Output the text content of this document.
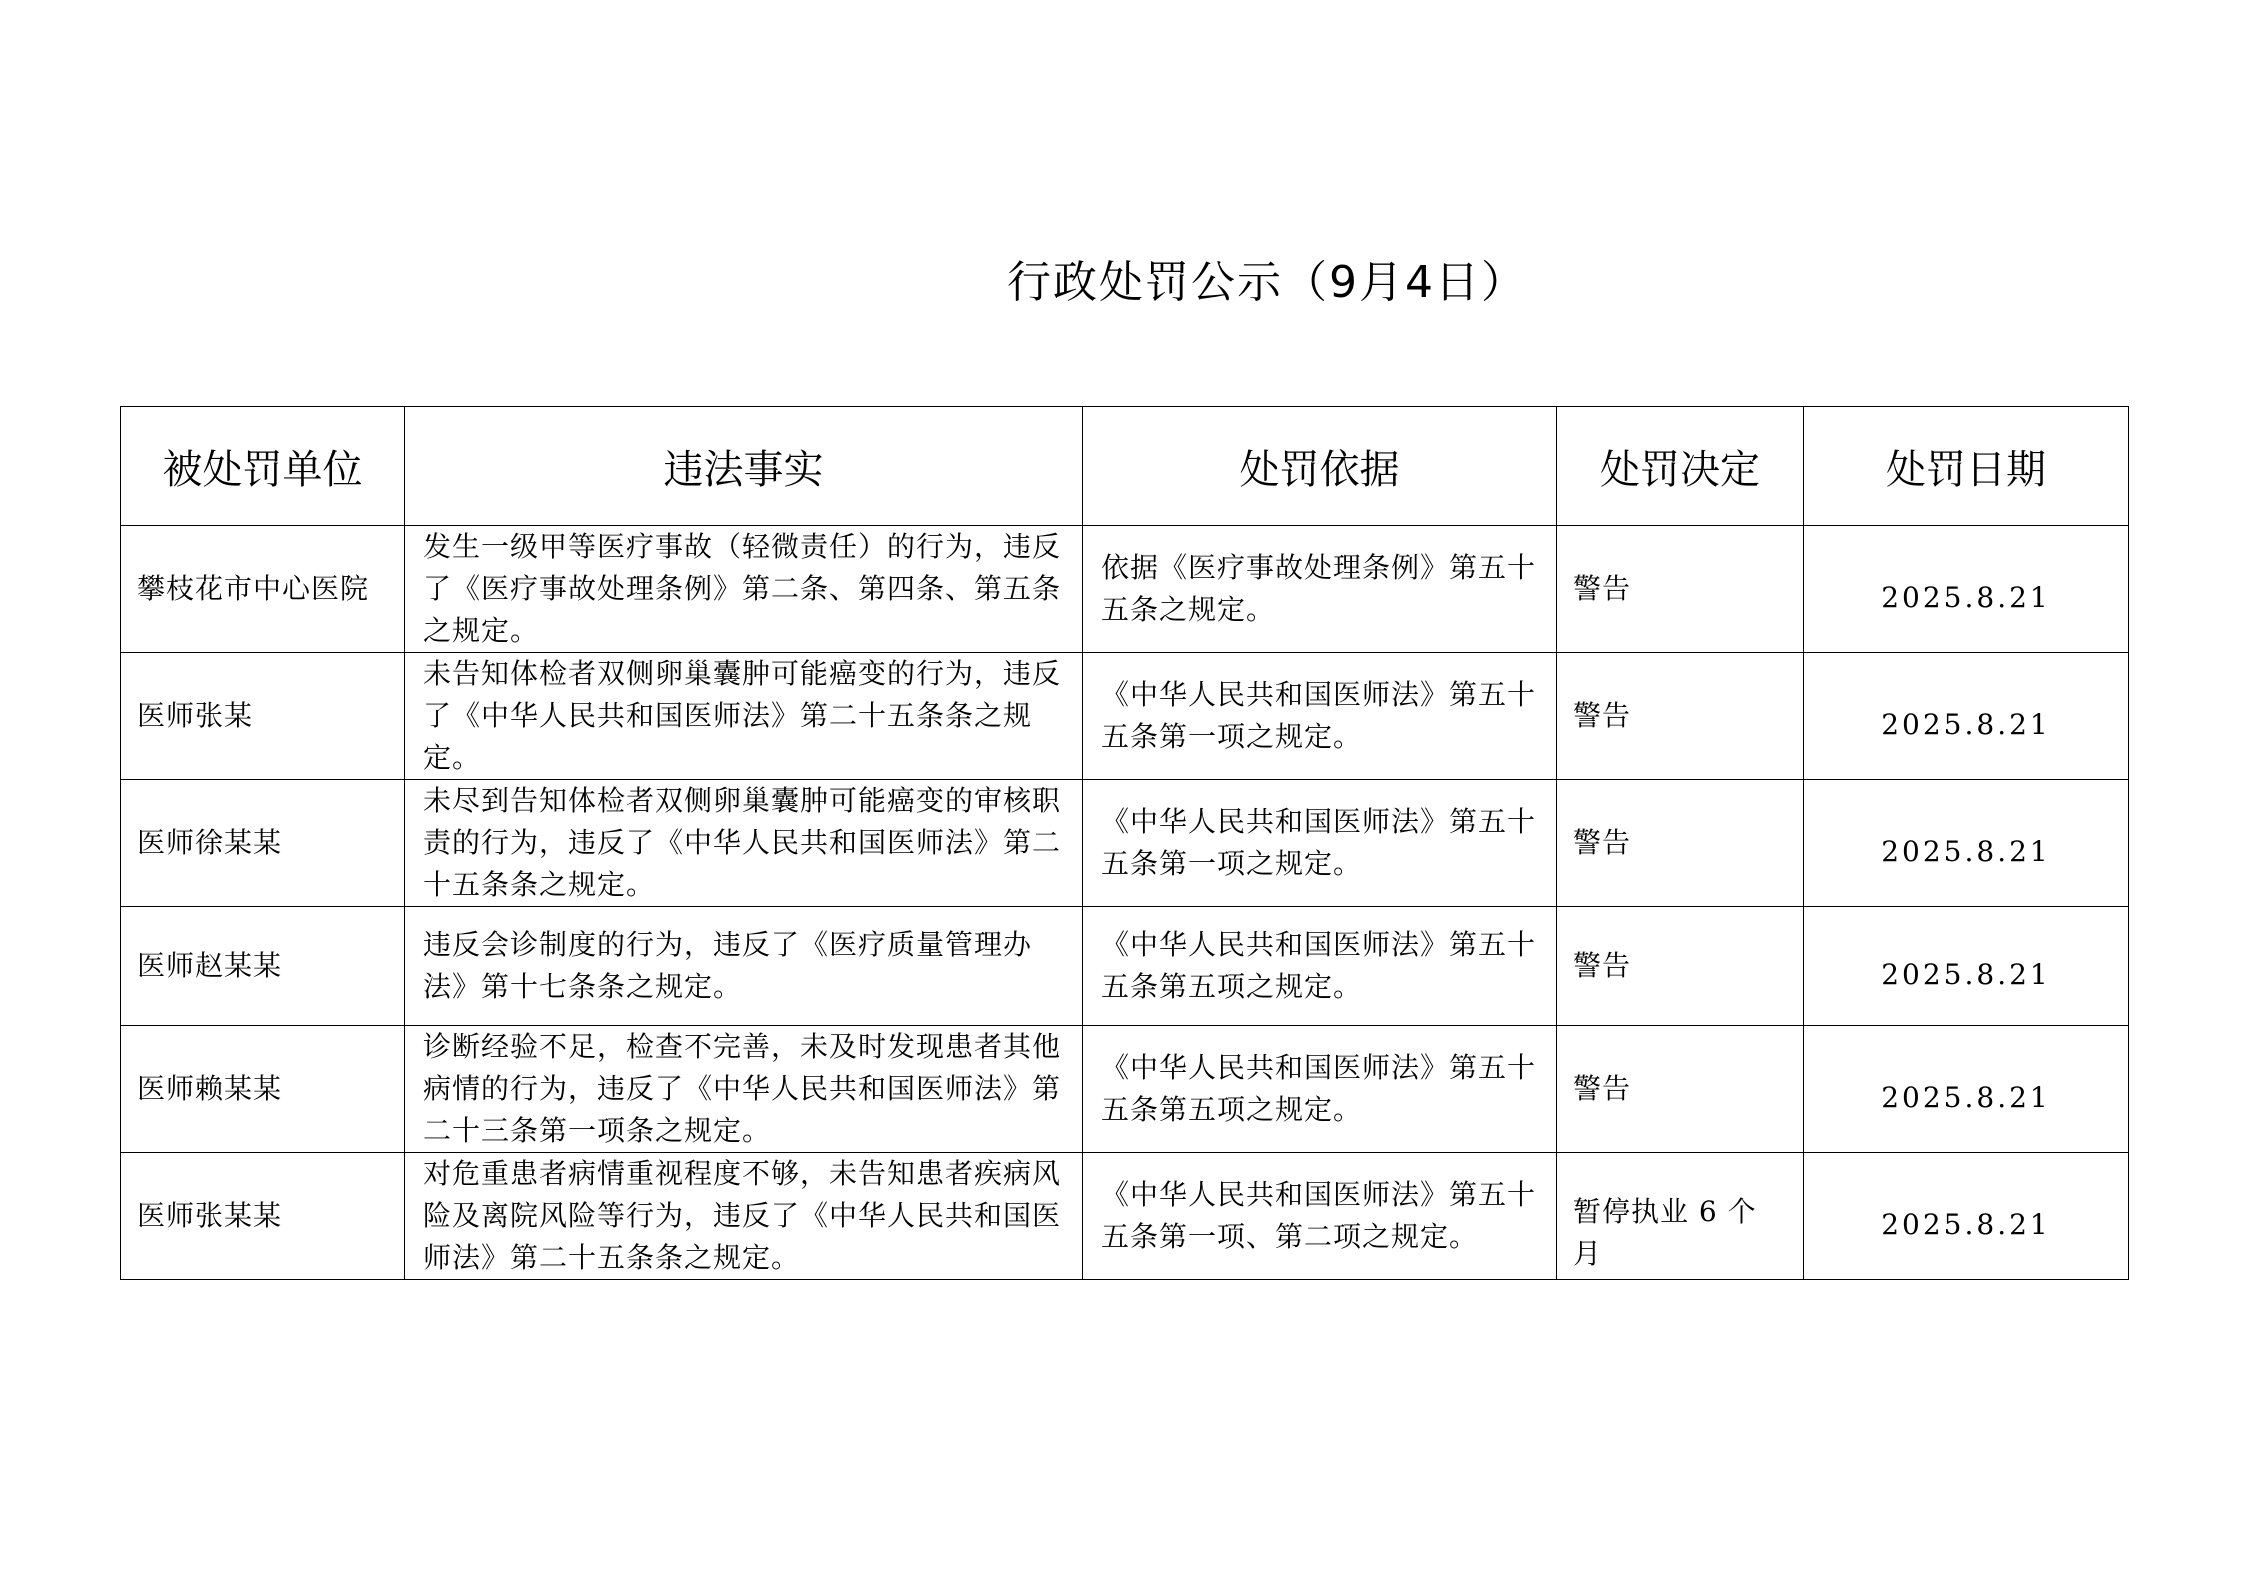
行政处罚公示（9月4日）
被处罚单位	违法事实	处罚依据	处罚决定	处罚日期
攀枝花市中心医院	发生一级甲等医疗事故（轻微责任）的行为，违反了《医疗事故处理条例》第二条、第四条、第五条之规定。	依据《医疗事故处理条例》第五十五条之规定。	警告	2025.8.21
医师张某	未告知体检者双侧卵巢囊肿可能癌变的行为，违反了《中华人民共和国医师法》第二十五条条之规定。	《中华人民共和国医师法》第五十五条第一项之规定。	警告	2025.8.21
医师徐某某	未尽到告知体检者双侧卵巢囊肿可能癌变的审核职责的行为，违反了《中华人民共和国医师法》第二十五条条之规定。	《中华人民共和国医师法》第五十五条第一项之规定。	警告	2025.8.21
医师赵某某	违反会诊制度的行为，违反了《医疗质量管理办法》第十七条条之规定。	《中华人民共和国医师法》第五十五条第五项之规定。	警告	2025.8.21
医师赖某某	诊断经验不足，检查不完善，未及时发现患者其他病情的行为，违反了《中华人民共和国医师法》第二十三条第一项条之规定。	《中华人民共和国医师法》第五十五条第五项之规定。	警告	2025.8.21
医师张某某	对危重患者病情重视程度不够，未告知患者疾病风险及离院风险等行为，违反了《中华人民共和国医师法》第二十五条条之规定。	《中华人民共和国医师法》第五十五条第一项、第二项之规定。	暂停执业 6 个月	2025.8.21
